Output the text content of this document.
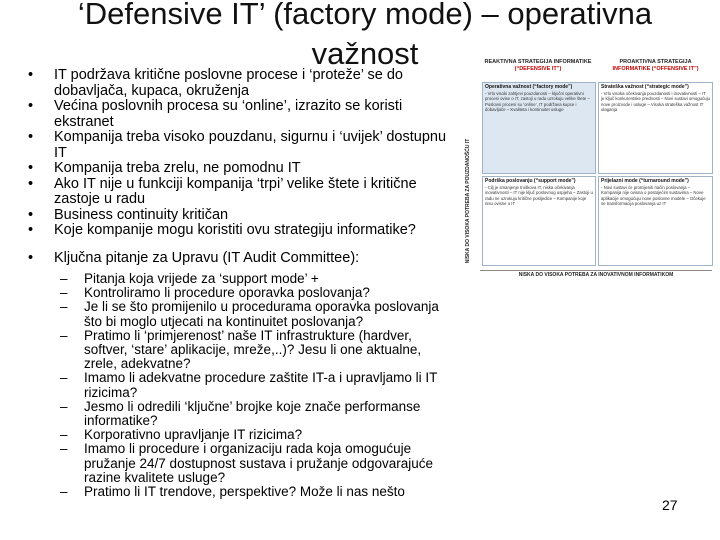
‘Defensive IT’ (factory mode) – operativna važnost
• IT podržava kritične poslovne procese i ‘proteže’ se do dobavljača, kupaca, okruženja
• Većina poslovnih procesa su ‘online’, izrazito se koristi ekstranet
• Kompanija treba visoko pouzdanu, sigurnu i ‘uvijek’ dostupnu IT
• Kompanija treba zrelu, ne pomodnu IT
• Ako IT nije u funkciji kompanija ‘trpi’ velike štete i kritične zastoje u radu
• Business continuity kritičan
• Koje kompanije mogu koristiti ovu strategiju informatike?
• Ključna pitanje za Upravu (IT Audit Committee):
– Pitanja koja vrijede za ‘support mode’ +
– Kontroliramo li procedure oporavka poslovanja?
– Je li se što promijenilo u procedurama oporavka poslovanja što bi moglo utjecati na kontinuitet poslovanja?
– Pratimo li ‘primjerenost’ naše IT infrastrukture (hardver, softver, ‘stare’ aplikacije, mreže,..)? Jesu li one aktualne, zrele, adekvatne?
– Imamo li adekvatne procedure zaštite IT-a i upravljamo li IT rizicima?
– Jesmo li odredili ‘ključne’ brojke koje znače performanse informatike?
– Korporativno upravljanje IT rizicima?
– Imamo li procedure i organizaciju rada koja omogućuje pružanje 24/7 dostupnost sustava i pružanje odgovarajuće razine kvalitete usluge?
– Pratimo li IT trendove, perspektive? Može li nas nešto
NISKA DO VISOKA POTREBA ZA POUZDANOŠĆU IT
REAKTIVNA STRATEGIJA INFORMATIKE
(“DEFENSIVE IT”)
PROAKTIVNA STRATEGIJA
INFORMATIKE (“OFFENSIVE IT”)
Operativna važnost (“factory mode”)
- Vrlo visoki zahtjevi pouzdanosti – ključni operativni procesi ovise o IT, zastoji u radu uzrokuju velike štete – Poslovni procesi su ‘online’, IT podržava kupce i dobavljače – Kvaliteta i kontinuitet usluge
Strateška važnost (“strategic mode”)
- Vrlo visoka očekivanja pouzdanosti i inovativnosti – IT je ključ konkurentske prednosti – Novi sustavi omogućuju nove proizvode i usluge – Visoka strateška važnost IT ulaganja
Podrška poslovanju (“support mode”)
- Cilj je smanjenje troškova IT, niska očekivanja inovativnosti – IT nije ključ poslovnog uspjeha – Zastoji u radu ne uzrokuju kritične posljedice – Kompanije koje nisu ovisne o IT
Prijelazni mode (“turnaround mode”)
- Novi sustavi će promijeniti način poslovanja – Kompanija nije ovisna o postojećim sustavima – Nove aplikacije omogućuju nove poslovne modele – Očekuje se transformacija poslovanja uz IT
NISKA DO VISOKA POTREBA ZA INOVATIVNOM INFORMATIKOM
27
